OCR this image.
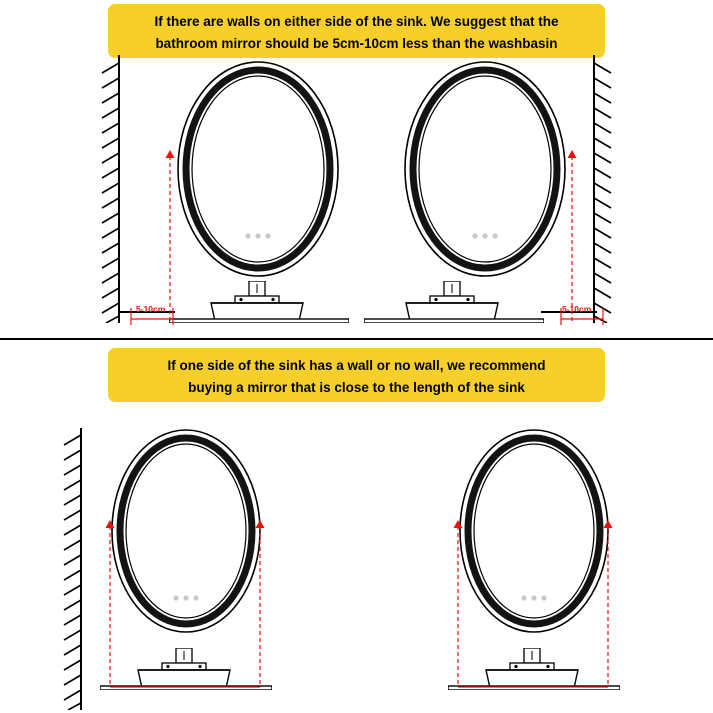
If there are walls on either side of the sink. We suggest that the
bathroom mirror should be 5cm-10cm less than the washbasin
5-10cm	5-10cm
If one side of the sink has a wall or no wall, we recommend
buying a mirror that is close to the length of the sink
